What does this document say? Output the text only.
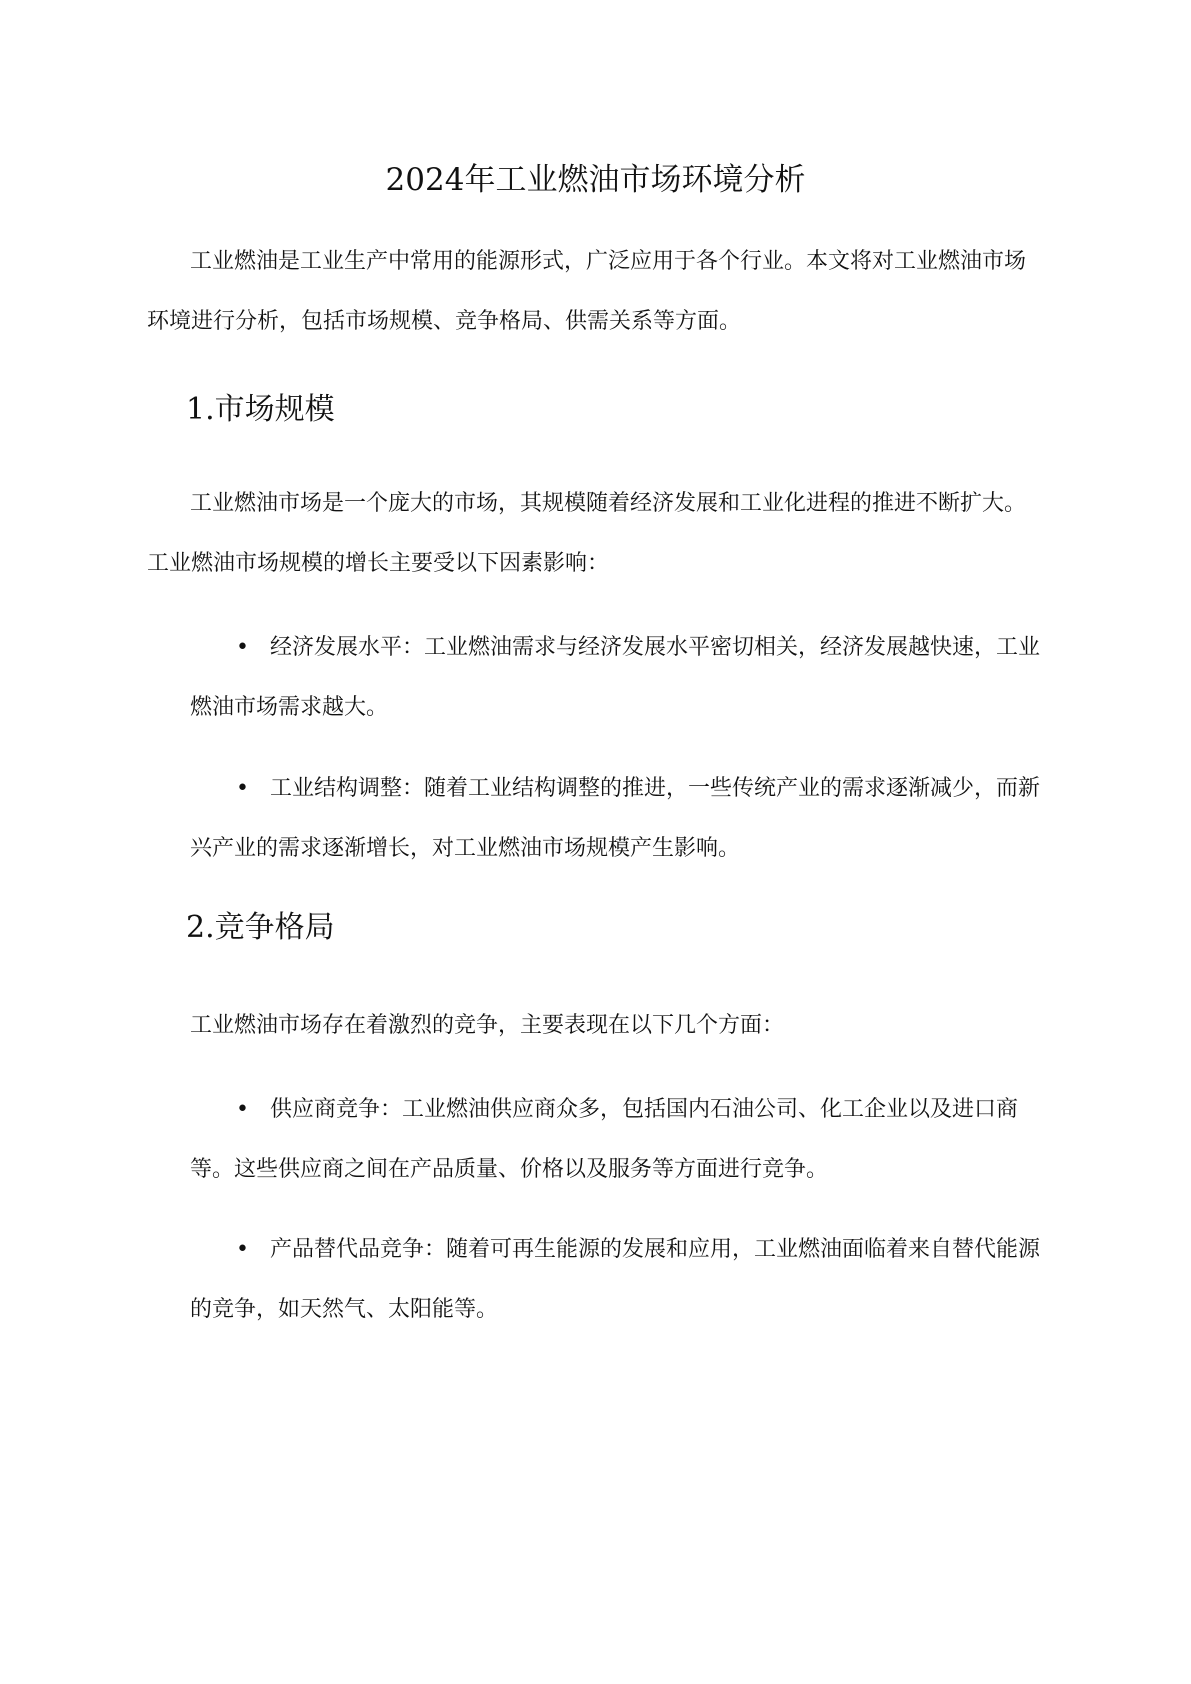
2024年工业燃油市场环境分析

工业燃油是工业生产中常用的能源形式，广泛应用于各个行业。本文将对工业燃油市场环境进行分析，包括市场规模、竞争格局、供需关系等方面。

1.市场规模

工业燃油市场是一个庞大的市场，其规模随着经济发展和工业化进程的推进不断扩大。工业燃油市场规模的增长主要受以下因素影响：

• 经济发展水平：工业燃油需求与经济发展水平密切相关，经济发展越快速，工业燃油市场需求越大。
• 工业结构调整：随着工业结构调整的推进，一些传统产业的需求逐渐减少，而新兴产业的需求逐渐增长，对工业燃油市场规模产生影响。
2.竞争格局

工业燃油市场存在着激烈的竞争，主要表现在以下几个方面：

• 供应商竞争：工业燃油供应商众多，包括国内石油公司、化工企业以及进口商等。这些供应商之间在产品质量、价格以及服务等方面进行竞争。
• 产品替代品竞争：随着可再生能源的发展和应用，工业燃油面临着来自替代能源的竞争，如天然气、太阳能等。
